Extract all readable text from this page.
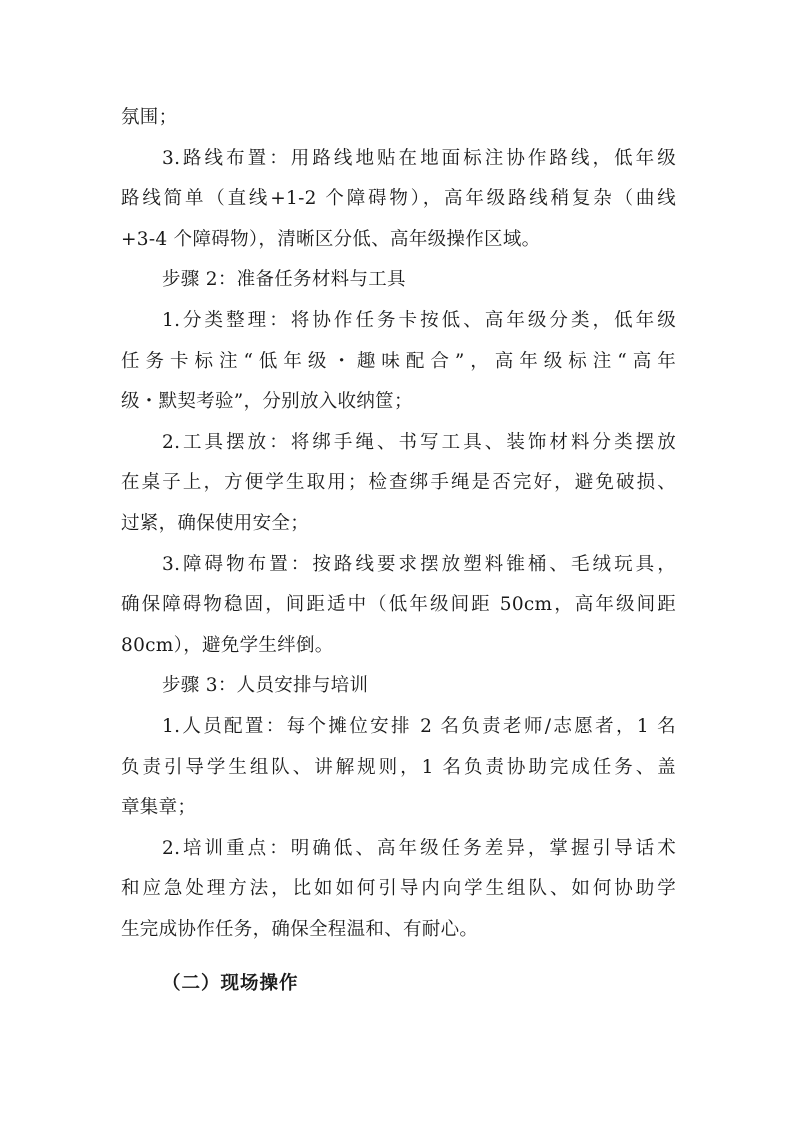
氛围；
3.路线布置：用路线地贴在地面标注协作路线，低年级
路线简单（直线+1-2 个障碍物），高年级路线稍复杂（曲线
+3-4 个障碍物），清晰区分低、高年级操作区域。
步骤 2：准备任务材料与工具
1.分类整理：将协作任务卡按低、高年级分类，低年级
任务卡标注“低年级・趣味配合”，高年级标注“高年
级・默契考验”，分别放入收纳筐；
2.工具摆放：将绑手绳、书写工具、装饰材料分类摆放
在桌子上，方便学生取用；检查绑手绳是否完好，避免破损、
过紧，确保使用安全；
3.障碍物布置：按路线要求摆放塑料锥桶、毛绒玩具，
确保障碍物稳固，间距适中（低年级间距 50cm，高年级间距
80cm），避免学生绊倒。
步骤 3：人员安排与培训
1.人员配置：每个摊位安排 2 名负责老师/志愿者，1 名
负责引导学生组队、讲解规则，1 名负责协助完成任务、盖
章集章；
2.培训重点：明确低、高年级任务差异，掌握引导话术
和应急处理方法，比如如何引导内向学生组队、如何协助学
生完成协作任务，确保全程温和、有耐心。
（二）现场操作
